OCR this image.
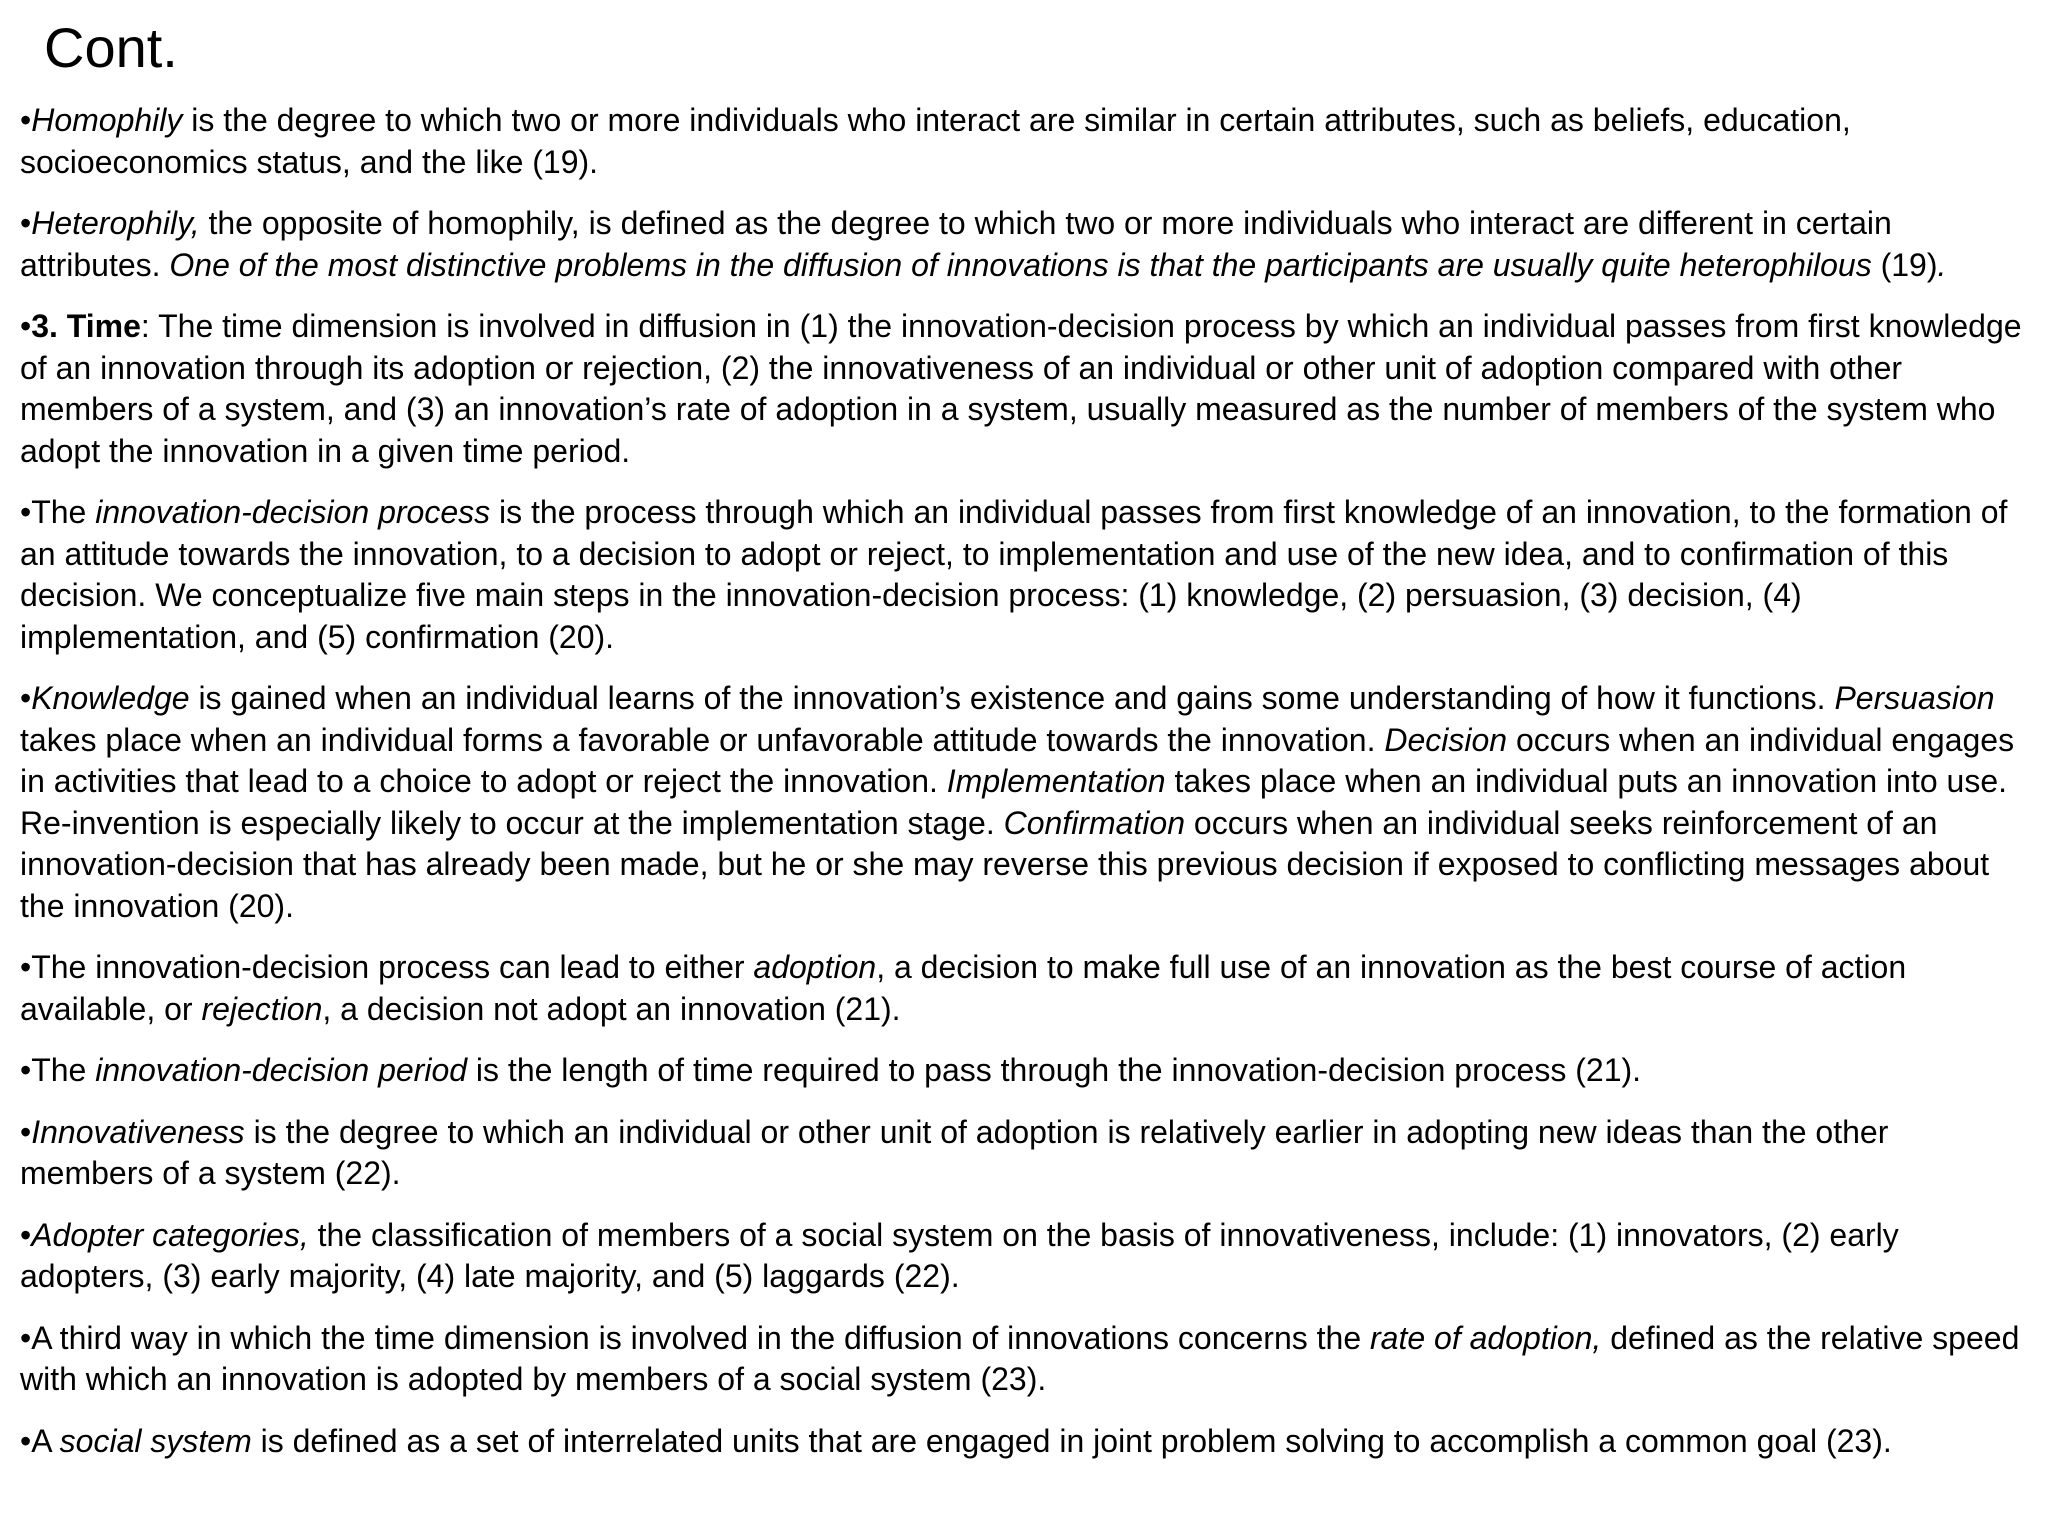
Cont.
•Homophily is the degree to which two or more individuals who interact are similar in certain attributes, such as beliefs, education, socioeconomics status, and the like (19).
•Heterophily, the opposite of homophily, is defined as the degree to which two or more individuals who interact are different in certain attributes. One of the most distinctive problems in the diffusion of innovations is that the participants are usually quite heterophilous (19).
•3. Time: The time dimension is involved in diffusion in (1) the innovation-decision process by which an individual passes from first knowledge of an innovation through its adoption or rejection, (2) the innovativeness of an individual or other unit of adoption compared with other members of a system, and (3) an innovation’s rate of adoption in a system, usually measured as the number of members of the system who adopt the innovation in a given time period.
•The innovation-decision process is the process through which an individual passes from first knowledge of an innovation, to the formation of an attitude towards the innovation, to a decision to adopt or reject, to implementation and use of the new idea, and to confirmation of this decision. We conceptualize five main steps in the innovation-decision process: (1) knowledge, (2) persuasion, (3) decision, (4) implementation, and (5) confirmation (20).
•Knowledge is gained when an individual learns of the innovation’s existence and gains some understanding of how it functions. Persuasion takes place when an individual forms a favorable or unfavorable attitude towards the innovation. Decision occurs when an individual engages in activities that lead to a choice to adopt or reject the innovation. Implementation takes place when an individual puts an innovation into use. Re-invention is especially likely to occur at the implementation stage. Confirmation occurs when an individual seeks reinforcement of an innovation-decision that has already been made, but he or she may reverse this previous decision if exposed to conflicting messages about the innovation (20).
•The innovation-decision process can lead to either adoption, a decision to make full use of an innovation as the best course of action available, or rejection, a decision not adopt an innovation (21).
•The innovation-decision period is the length of time required to pass through the innovation-decision process (21).
•Innovativeness is the degree to which an individual or other unit of adoption is relatively earlier in adopting new ideas than the other members of a system (22).
•Adopter categories, the classification of members of a social system on the basis of innovativeness, include: (1) innovators, (2) early adopters, (3) early majority, (4) late majority, and (5) laggards (22).
•A third way in which the time dimension is involved in the diffusion of innovations concerns the rate of adoption, defined as the relative speed with which an innovation is adopted by members of a social system (23).
•A social system is defined as a set of interrelated units that are engaged in joint problem solving to accomplish a common goal (23).
